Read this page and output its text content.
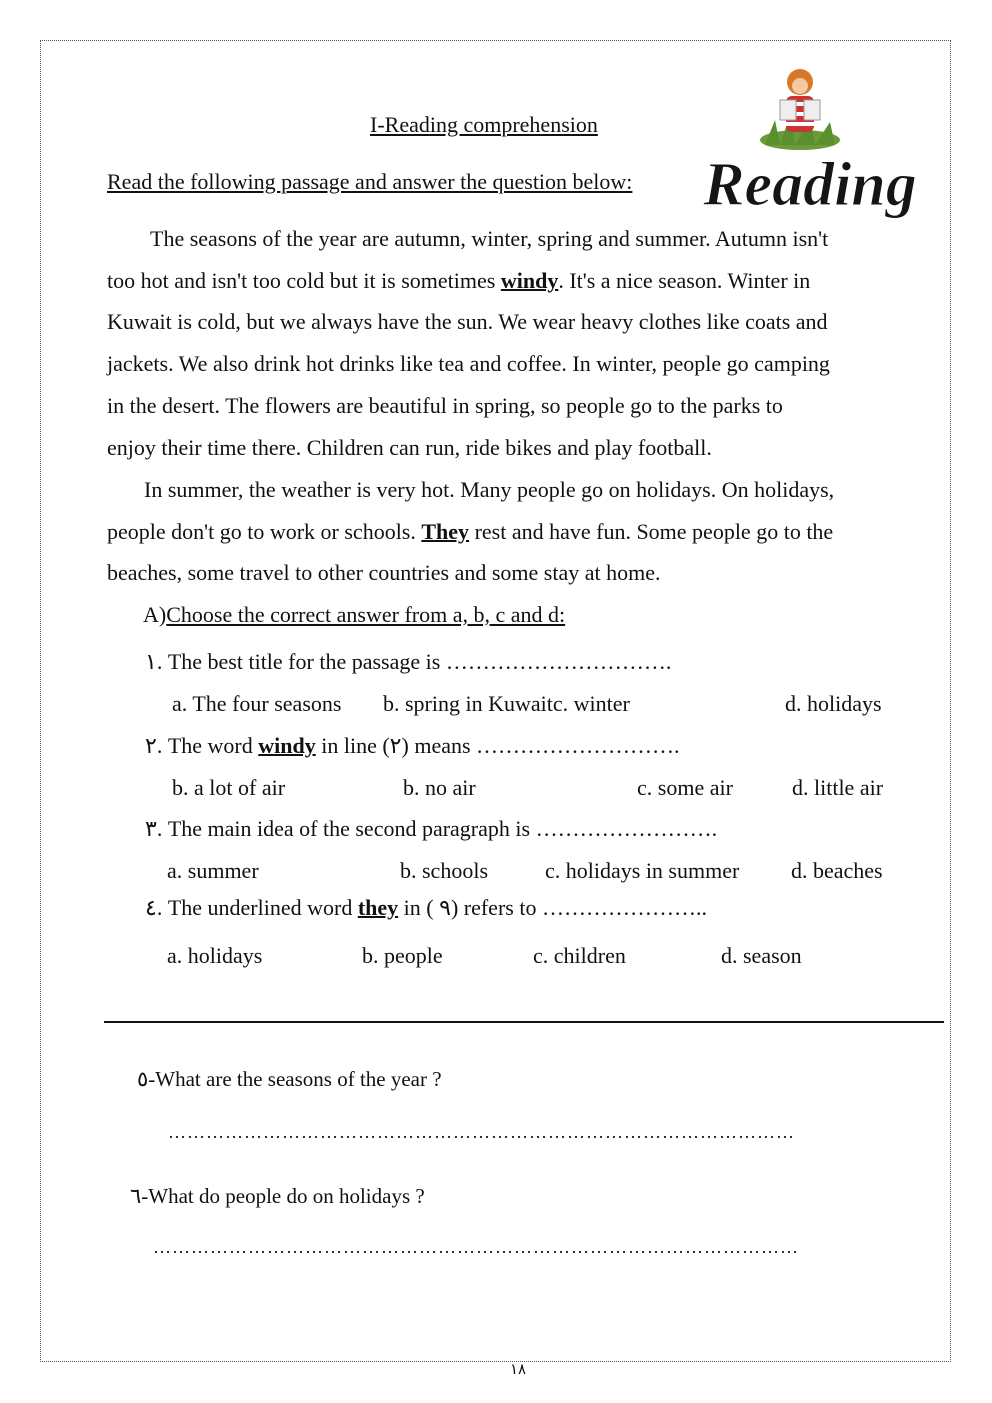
I-Reading comprehension
Read the following passage and answer the question below: Reading
The seasons of the year are autumn, winter, spring and summer. Autumn isn't
too hot and isn't too cold but it is sometimes windy. It's a nice season. Winter in
Kuwait is cold, but we always have the sun. We wear heavy clothes like coats and
jackets. We also drink hot drinks like tea and coffee. In winter, people go camping
in the desert. The flowers are beautiful in spring, so people go to the parks to
enjoy their time there. Children can run, ride bikes and play football.
In summer, the weather is very hot. Many people go on holidays. On holidays,
people don't go to work or schools. They rest and have fun. Some people go to the
beaches, some travel to other countries and some stay at home.
A)Choose the correct answer from a, b, c and d:
١. The best title for the passage is ………………………….
a. The four seasons b. spring in Kuwaitc. winter	d. holidays
٢. The word windy in line (٢) means ……………………….
b. a lot of air	b. no air	c. some air	d. little air
٣. The main idea of the second paragraph is …………………….
a. summer	b. schools	c. holidays in summer d. beaches
٤. The underlined word they in ( ٩) refers to …………………..
a. holidays	b. people	c. children	d. season
٥-What are the seasons of the year ?
………………………………………………………………………………………
٦-What do people do on holidays ?
…………………………………………………………………………………………
١٨
